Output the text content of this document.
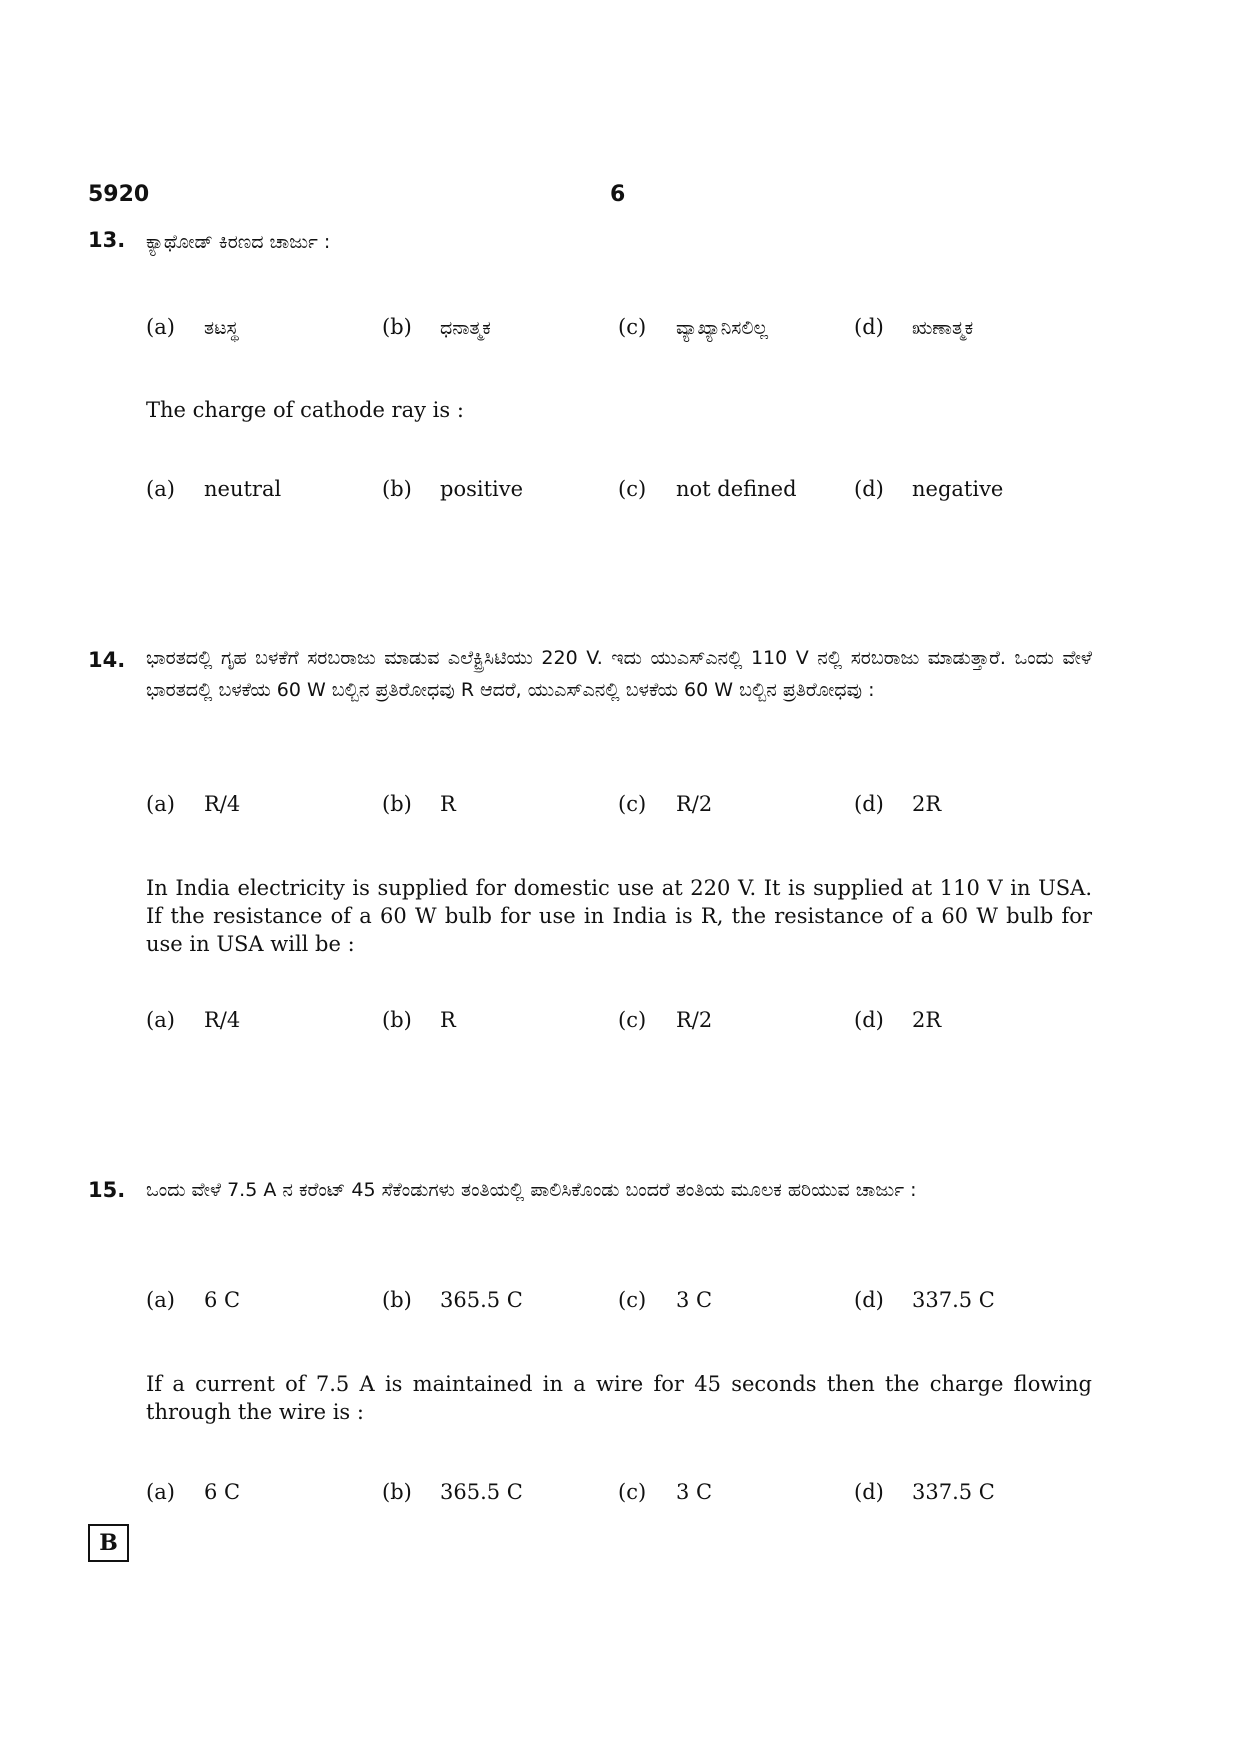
5920	6
13. ಕ್ಯಾಥೋಡ್ ಕಿರಣದ ಚಾರ್ಜು :
(a) ತಟಸ್ಥ	(b) ಧನಾತ್ಮಕ	(c) ವ್ಯಾಖ್ಯಾನಿಸಲಿಲ್ಲ	(d) ಋಣಾತ್ಮಕ
The charge of cathode ray is :
(a) neutral	(b) positive	(c) not defined	(d) negative
14. ಭಾರತದಲ್ಲಿ ಗೃಹ ಬಳಕೆಗೆ ಸರಬರಾಜು ಮಾಡುವ ಎಲೆಕ್ಟ್ರಿಸಿಟಿಯು 220 V. ಇದು ಯುಎಸ್‌ಎನಲ್ಲಿ 110 V ನಲ್ಲಿ ಸರಬರಾಜು ಮಾಡುತ್ತಾರೆ. ಒಂದು ವೇಳೆ ಭಾರತದಲ್ಲಿ ಬಳಕೆಯ 60 W ಬಲ್ಬಿನ ಪ್ರತಿರೋಧವು R ಆದರೆ, ಯುಎಸ್‌ಎನಲ್ಲಿ ಬಳಕೆಯ 60 W ಬಲ್ಬಿನ ಪ್ರತಿರೋಧವು :
(a) R/4	(b) R	(c) R/2	(d) 2R
In India electricity is supplied for domestic use at 220 V. It is supplied at 110 V in USA. If the resistance of a 60 W bulb for use in India is R, the resistance of a 60 W bulb for use in USA will be :
(a) R/4	(b) R	(c) R/2	(d) 2R
15. ಒಂದು ವೇಳೆ 7.5 A ನ ಕರೆಂಟ್ 45 ಸೆಕೆಂಡುಗಳು ತಂತಿಯಲ್ಲಿ ಪಾಲಿಸಿಕೊಂಡು ಬಂದರೆ ತಂತಿಯ ಮೂಲಕ ಹರಿಯುವ ಚಾರ್ಜು :
(a) 6 C	(b) 365.5 C	(c) 3 C	(d) 337.5 C
If a current of 7.5 A is maintained in a wire for 45 seconds then the charge flowing through the wire is :
(a) 6 C	(b) 365.5 C	(c) 3 C	(d) 337.5 C
B
